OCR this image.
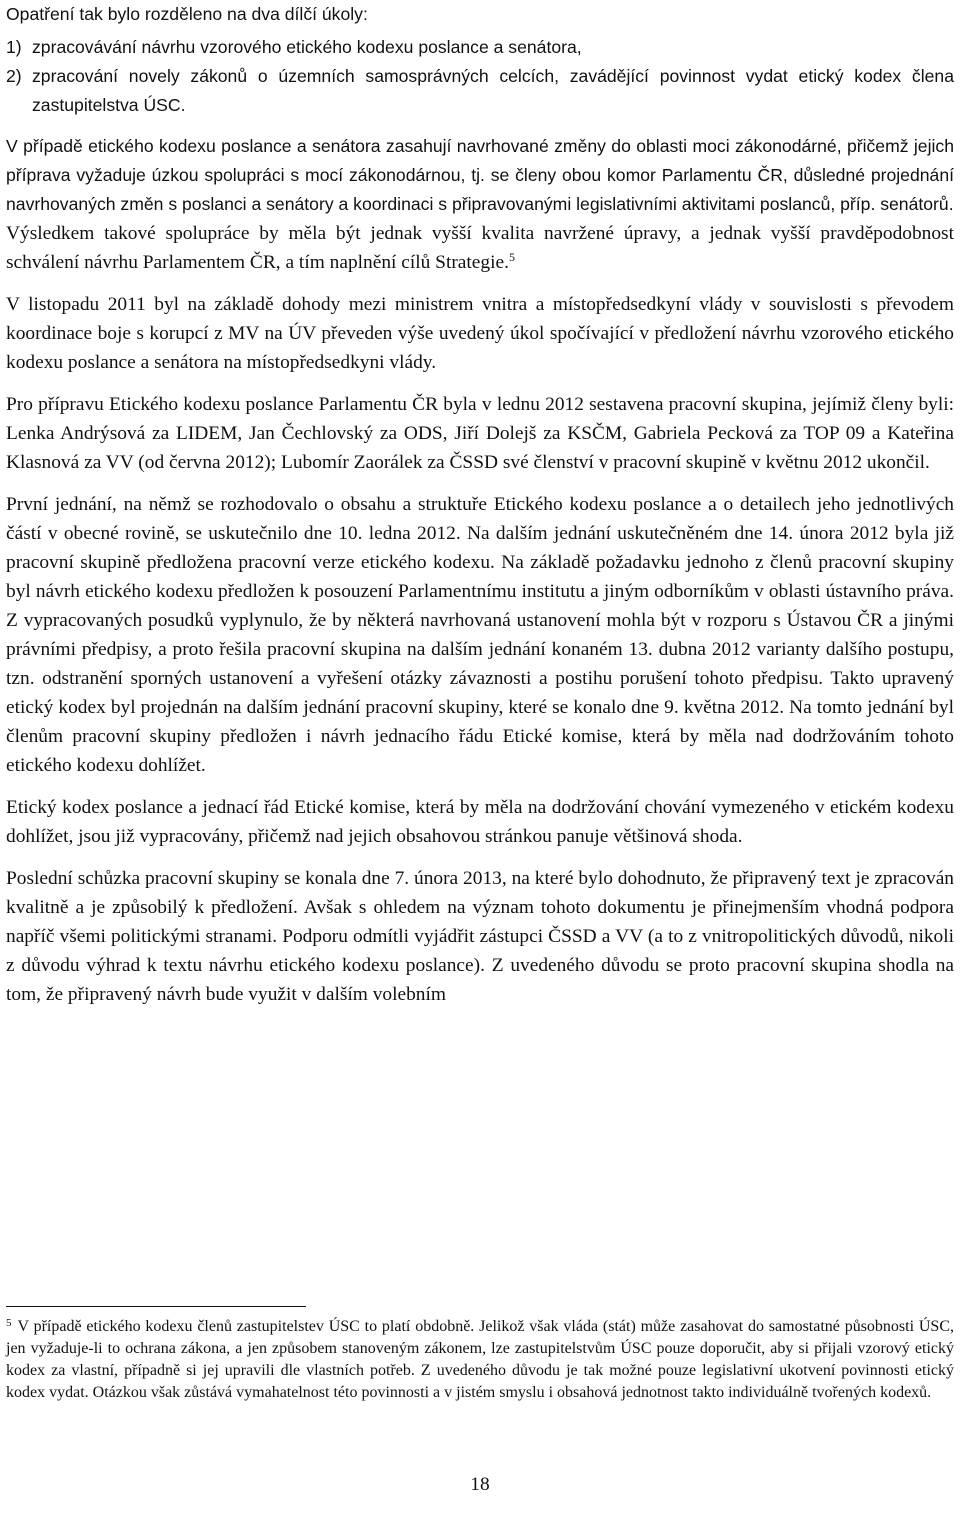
Opatření tak bylo rozděleno na dva dílčí úkoly:

1) zpracovávání návrhu vzorového etického kodexu poslance a senátora,
2) zpracování novely zákonů o územních samosprávných celcích, zavádějící povinnost vydat etický kodex člena zastupitelstva ÚSC.

V případě etického kodexu poslance a senátora zasahují navrhované změny do oblasti moci zákonodárné, přičemž jejich příprava vyžaduje úzkou spolupráci s mocí zákonodárnou, tj. se členy obou komor Parlamentu ČR, důsledné projednání navrhovaných změn s poslanci a senátory a koordinaci s připravovanými legislativními aktivitami poslanců, příp. senátorů.

Výsledkem takové spolupráce by měla být jednak vyšší kvalita navržené úpravy, a jednak vyšší pravděpodobnost schválení návrhu Parlamentem ČR, a tím naplnění cílů Strategie.$^5$

V listopadu 2011 byl na základě dohody mezi ministrem vnitra a místopředsedkyní vlády v souvislosti s převodem koordinace boje s korupcí z MV na ÚV převeden výše uvedený úkol spočívající v předložení návrhu vzorového etického kodexu poslance a senátora na místopředsedkyni vlády.

Pro přípravu Etického kodexu poslance Parlamentu ČR byla v lednu 2012 sestavena pracovní skupina, jejímiž členy byli: Lenka Andrýsová za LIDEM, Jan Čechlovský za ODS, Jiří Dolejš za KSČM, Gabriela Pecková za TOP 09 a Kateřina Klasnová za VV (od června 2012); Lubomír Zaorálek za ČSSD své členství v pracovní skupině v květnu 2012 ukončil.

První jednání, na němž se rozhodovalo o obsahu a struktuře Etického kodexu poslance a o detailech jeho jednotlivých částí v obecné rovině, se uskutečnilo dne 10. ledna 2012. Na dalším jednání uskutečněném dne 14. února 2012 byla již pracovní skupině předložena pracovní verze etického kodexu. Na základě požadavku jednoho z členů pracovní skupiny byl návrh etického kodexu předložen k posouzení Parlamentnímu institutu a jiným odborníkům v oblasti ústavního práva. Z vypracovaných posudků vyplynulo, že by některá navrhovaná ustanovení mohla být v rozporu s Ústavou ČR a jinými právními předpisy, a proto řešila pracovní skupina na dalším jednání konaném 13. dubna 2012 varianty dalšího postupu, tzn. odstranění sporných ustanovení a vyřešení otázky závaznosti a postihu porušení tohoto předpisu. Takto upravený etický kodex byl projednán na dalším jednání pracovní skupiny, které se konalo dne 9. května 2012. Na tomto jednání byl členům pracovní skupiny předložen i návrh jednacího řádu Etické komise, která by měla nad dodržováním tohoto etického kodexu dohlížet.

Etický kodex poslance a jednací řád Etické komise, která by měla na dodržování chování vymezeného v etickém kodexu dohlížet, jsou již vypracovány, přičemž nad jejich obsahovou stránkou panuje většinová shoda.

Poslední schůzka pracovní skupiny se konala dne 7. února 2013, na které bylo dohodnuto, že připravený text je zpracován kvalitně a je způsobilý k předložení. Avšak s ohledem na význam tohoto dokumentu je přinejmenším vhodná podpora napříč všemi politickými stranami. Podporu odmítli vyjádřit zástupci ČSSD a VV (a to z vnitropolitických důvodů, nikoli z důvodu výhrad k textu návrhu etického kodexu poslance). Z uvedeného důvodu se proto pracovní skupina shodla na tom, že připravený návrh bude využit v dalším volebním

$^5$ V případě etického kodexu členů zastupitelstev ÚSC to platí obdobně. Jelikož však vláda (stát) může zasahovat do samostatné působnosti ÚSC, jen vyžaduje-li to ochrana zákona, a jen způsobem stanoveným zákonem, lze zastupitelstvům ÚSC pouze doporučit, aby si přijali vzorový etický kodex za vlastní, případně si jej upravili dle vlastních potřeb. Z uvedeného důvodu je tak možné pouze legislativní ukotvení povinnosti etický kodex vydat. Otázkou však zůstává vymahatelnost této povinnosti a v jistém smyslu i obsahová jednotnost takto individuálně tvořených kodexů.
18
